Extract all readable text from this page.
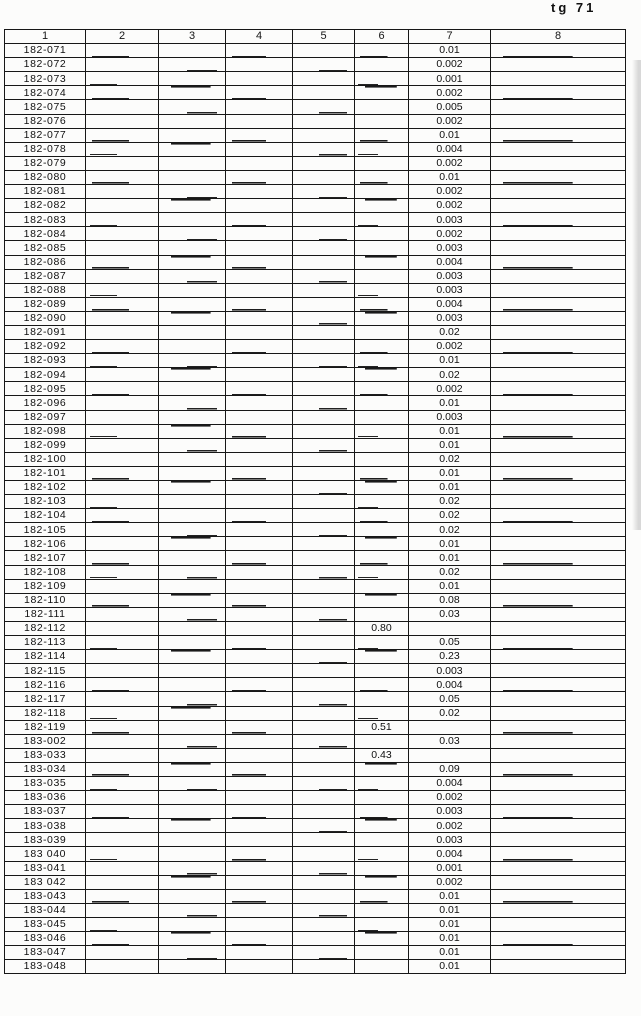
tg 71
1	2	3	4	5	6	7	8
182-071						0.01	
182-072						0.002	
182-073						0.001	
182-074						0.002	
182-075						0.005	
182-076						0.002	
182-077						0.01	
182-078						0.004	
182-079						0.002	
182-080						0.01	
182-081						0.002	
182-082						0.002	
182-083						0.003	
182-084						0.002	
182-085						0.003	
182-086						0.004	
182-087						0.003	
182-088						0.003	
182-089						0.004	
182-090						0.003	
182-091						0.02	
182-092						0.002	
182-093						0.01	
182-094						0.02	
182-095						0.002	
182-096						0.01	
182-097						0.003	
182-098						0.01	
182-099						0.01	
182-100						0.02	
182-101						0.01	
182-102						0.01	
182-103						0.02	
182-104						0.02	
182-105						0.02	
182-106						0.01	
182-107						0.01	
182-108						0.02	
182-109						0.01	
182-110						0.08	
182-111						0.03	
182-112					0.80		
182-113						0.05	
182-114						0.23	
182-115						0.003	
182-116						0.004	
182-117						0.05	
182-118						0.02	
182-119					0.51		
183-002						0.03	
183-033					0.43		
183-034						0.09	
183-035						0.004	
183-036						0.002	
183-037						0.003	
183-038						0.002	
183-039						0.003	
183 040						0.004	
183-041						0.001	
183 042						0.002	
183-043						0.01	
183-044						0.01	
183-045						0.01	
183-046						0.01	
183-047						0.01	
183-048						0.01	
